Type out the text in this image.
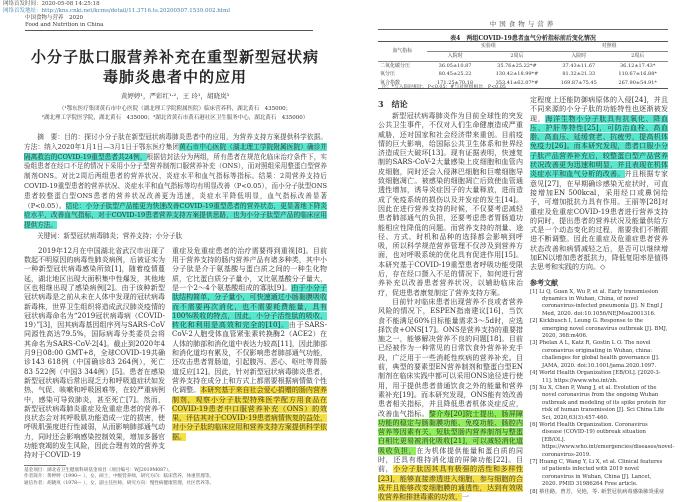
网络首发时间：2020-05-08 14:25:18
网络首发地址：http://kns.cnki.net/kcms/detail/11.3716.ts.20200507.1539.002.html
中国食物与营养　2020
Food and Nutrition in China
小分子肽口服营养补充在重型新型冠状病
毒肺炎患者中的应用
黄婷婷¹，严彩红¹·²，王 玲¹，胡晓岚³
（¹鄂东医疗集团黄石市中心医院（湖北理工学院附属医院）临床营养科，湖北黄石　435000；
²湖北理工学院医学院，湖北黄石　435000；³湖北省黄石市黄石港社区卫生服务中心，湖北黄石　435000）

摘　要：目的：探讨小分子肽在新型冠状病毒肺炎患者中的应用，为营养支持方案提供科学依据。方法：纳入2020年1月1日—3月1日于鄂东医疗集团黄石市中心医院（湖北理工学院附属医院）确诊并隔离救治的COVID-19重型患者共24例，根据信封法分为两组，所有患者在规范化临床治疗条件下，实验组患者在经口不足的情况下采用小分子型营养制剂口服营养补充（ONS），而对照组采用整蛋白型营养制剂ONS。对比2周后两组患者的营养状况、炎症水平和血气指标等指标。结果：2周营养支持后COVID-19重型患者的营养状况、炎症水平和血气指标等均有明显改善（P<0.05），而小分子肽型ONS患者较整蛋白型ONS患者的营养状况改善更为迅速，炎症水平降低明显，血气指标改善显著（P<0.05）。结论：小分子肽型产品能更为快速改善COVID-19重型患者的营养状态，更显著地下降炎症水平，改善血气指标，对于COVID-19患者营养支持方案提供思路，也为小分子肽型产品的临床应用提供方法。

关键词：新型冠状病毒肺炎；营养支持；小分子肽

2019年12月在中国湖北省武汉市出现了数起不明原因的病毒性肺炎病例，后被证实为一种新型冠状病毒感染所致[1]，随着疫情蔓延，湖北地区出现大面积集中性爆发，其他地区也相继出现了感染病例[2]。由于该种新型冠状病毒是之前从未在人体中发现的冠状病毒新毒株，世界卫生组织将造成武汉肺炎疫情的冠状病毒命名为“2019冠状病毒病（COVID-19）”[3]，因其病毒基因组序列与SARS-CoV同源性高达79.5%，国际病毒分类委员会将其命名为SARS-CoV-2[4]。截止到2020年4月9日08:00 GMT+8，全球COVID-19共确诊143 618例（中国确诊83 264例），死亡83 522例（中国3 344例）[5]。患者在感染新型冠状病毒后常出现乏力和呼吸道症状如发热、气促、咳嗽和呼吸困难等，在较严重病例中，感染可导致肺炎，甚至死亡[7]。然而，新型冠状病毒肺炎重症及危重症患者的营养不良状态会对其呼吸肌功能造成一定的损害，使呼吸肌强度进行性减弱，从而影响肺部通气动力，同时还会影响感染控制效果，增加多器官功能衰竭的发生风险，因此合理有效的营养支持对于COVID-19

重症及危重症患者的治疗需要得到重视[8]。目前用于营养支持的肠内营养产品有诸多种类，其中小分子肽是介于氨基酸与蛋白质之间的一种生化物质，它比蛋白质分子量小，又比氨基酸分子量大，是一个2～4个氨基酸组成的寡肽[9]。由于小分子肽结构简单，分子量小，可快速通过小肠黏膜吸收而不需要再次消化，也不需要耗费能量，具有100%吸收的特点，因此，小分子活性肽的吸收、转化和利用是高效和完全的[10]。由于SARS-CoV-2人胞受体血管紧张素转换酶2（ACE2）在人体的肺部和消化道中表达力较高[11]，因此肺部和消化道均有累及，不仅影响患者肺部通气功能，还攻击患者胃肠道，引起腹泻、恶心、呕吐等胃肠道反应[12]。因此，针对新型冠状病毒肺炎患者，营养支持在成分上和方式上都需要根据病情做个性化调整。本研究基于来自社会爱心捐赠的肠内营养制剂，观察小分子肽型特殊医学配方用食品在COVID-19患者中口服营养补充（ONS）的效果，评估其对于COVID-19患者病情恢复的益处，对小分子肽的临床应用和营养支持方案提供科学依据。

基金项目：湖北省卫生健康科研基金项目（项目编号：WJ2019M087）。
作者简介：黄婷婷（1990— ），女，硕士，中级营养师，研究方向：临床营养，体重管理等。
通信作者：胡晓岚（1978— ），女，副主任医师，研究方向：慢性病健康管理，社区营养等。
中国食物与营养
表4　两组COVID-19患者血气分析指标前后变化情况
血气指标	实验组		对照组	
	入院时	2周后	入院时	2周后
二氧化碳分压	36.05±10.87	35.76±25.22*#	37.43±11.67	36.12±17.43*
氧分压	80.45±25.22	130.42±18.99*#	81.32±21.33	110.67±16.88*
氧合指数	171.25±70.18	353.41±62.07*#	169.87±75.45	267.90±54.91*
注：*与入院时相比，P<0.05；#与对照组相比，P<0.05
3　结论

新型冠状病毒肺炎作为目前全球性的突发公共卫生事件，不仅对人们生命健康造成严重威胁，还对国家和社会经济带来重创。目前疫情的巨大影响，给国际公共卫生体系和世界经济造成巨大破坏[13]。现有证据表明，快速复制的SARS-CoV-2大量感染上皮细胞和血管内皮细胞，同时还会入侵淋巴细胞和巨噬细胞导致细胞凋亡。被感染的细胞凋亡后致使血管通透性增加，诱导炎症因子的大量释放，进而造成了免疫系统的损伤以及并发症的发生[14]。因此在进行营养支持的时候，不仅要考虑减轻患者肺部通气的负担，还要考虑患者胃肠道功能相应性降低的问题。而营养支持的剂量、途径、方式、时机和品种的选择都会影响到呼吸，所以科学规范营养管理不仅涉及到营养方面，也对呼吸系统的优化具有促进作用[15]。本研究基于COVID-19重型患者呼吸功能受限后，存在经口摄入不足的情况下，如何进行营养补充以改善患者营养状况，以辅助临床治疗，促进患者康复制定了营养支持方案。

目前针对临床患者出现营养不良或者营养风险的情况下，ESPEN指南建议[16]，当饮食不能满足60%目标能量需求3～5d时，应选择饮食+ONS[17]。ONS是营养支持的重要措施之一，能够解决营养不良的问题[18]。目前已经被作为一种常见的日常饮食外营养补充手段，广泛用于一些消耗性疾病的营养补充。目前，典型的要素型EN营养制剂和整蛋白型EN制剂在临床实践中都可以采用ONS途径进行使用，用于提供患者普通饮食之外的能量和营养素补充[19]。而本研究发现，ONS能有效改善患者相关指标，并且降低患者机体炎症反应，改善血气指标。黎介寿[20]院士提出，肠屏障功能的稳定与肠黏膜功能、免疫功能、肠腔内营养等因素有关，短肽型肠内营养制剂与整蛋白相比更易被消化吸收[21]，可以减轻消化道吸收负担，在为机体提供能量和蛋白质的同时，还具有维持消化道的屏障功能[22]。目前，小分子肽因其具有极强的活性和多样性[23]，能够直接渗透进入细胞，参与细胞的合成并且能够改变细胞膜的通透性，达到有效吸收营养和排泄毒素的功效，一

定程度上还能防御病原体的入侵[24]，并且不同来源的小分子肽的功能特性也逐渐被发现，海洋生物小分子肽具有抗氧化、降血压、护肝等特性[25]，可防治血栓、高血脂、高血压、延缓衰老、抗疲劳，提高机体免疫力[26]。而本研究发现，患者口服小分子肽产品营养补充后，较整蛋白型产品营养状况改善更为迅速和明显，并且表现在机体炎症水平和血气分析的改善。并且根据专家意见[27]，在早期确诊感染无症状时，可直接增加EN 500kcal，采用经口或鼻饲给予，可增加抵抗力具有作用。王丽等[28]对重症及危重症COVID-19患者进行营养支持的同时，提出患者的营养状况及能量供给方式是一个动态变化的过程，需要我们不断跟进不断调整。因此在重症及危重症患者营养状态改善和病情减轻之后，是否可以继续增加EN以增加患者抵抗力，降低复阳率是值得去思考和实践的方向。◇

参考文献
[1] Li Q, Guan X, Wu P, et al. Early transmission dynamics in Wuhan, China, of novel coronavirus-infected pneumonia [J]. N Engl J Med, 2020. doi:10.1056/NEJMoa2001316.
[2] Kickbusch I, Leung G. Response to the emerging novel coronavirus outbreak [J]. BMJ, 2020, 368:m406.
[3] Phelan A L, Katz R, Gostin L O. The novel coronavirus originating in Wuhan, china: challenges for global health governance [J]. JAMA, 2020. doi:10.1001/jama.2020.1097.
[4] World Health Organization [EB/OL]. [2020-3-11]. https://www.who.int/zh.
[5] Xu X, Chen P, Wang J, et al. Evolution of the novel coronavirus from the ongoing Wuhan outbreak and modeling of its spike protein for risk of human transmission [J]. Sci China Life Sci, 2020,63(3):457-460.
[6] World Health Organization. Coronavirus disease (COVID-19) outbreak situation [EB/OL]. https://www.who.int/emergencies/diseases/novel-coronavirus-2019.
[7] Huang C, Wang Y, Li X, et al. Clinical features of patients infected with 2019 novel coronavirus in Wuhan, China [J]. Lancet, 2020. PMID 31986264 Free article.
[8] 蔡佳路，曾芳，吴艳，等. 新型冠状病毒感染肺炎重症
